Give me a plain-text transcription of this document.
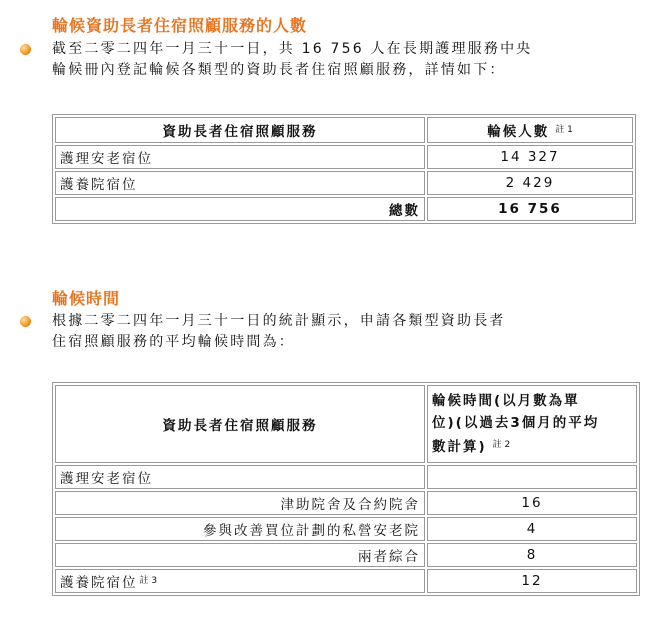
輪候資助長者住宿照顧服務的人數
截至二零二四年一月三十一日，共 16 756 人在長期護理服務中央
輪候冊內登記輪候各類型的資助長者住宿照顧服務，詳情如下：
資助長者住宿照顧服務	輪候人數 $^{註 1}$
護理安老宿位	14 327
護養院宿位	2 429
總數	16 756
輪候時間
根據二零二四年一月三十一日的統計顯示，申請各類型資助長者
住宿照顧服務的平均輪候時間為：
資助長者住宿照顧服務	輪候時間(以月數為單
位)(以過去3個月的平均
數計算) $^{註 2}$

護理安老宿位	
津助院舍及合約院舍	16
參與改善買位計劃的私營安老院	4
兩者綜合	8
護養院宿位 $^{註 3}$	12
